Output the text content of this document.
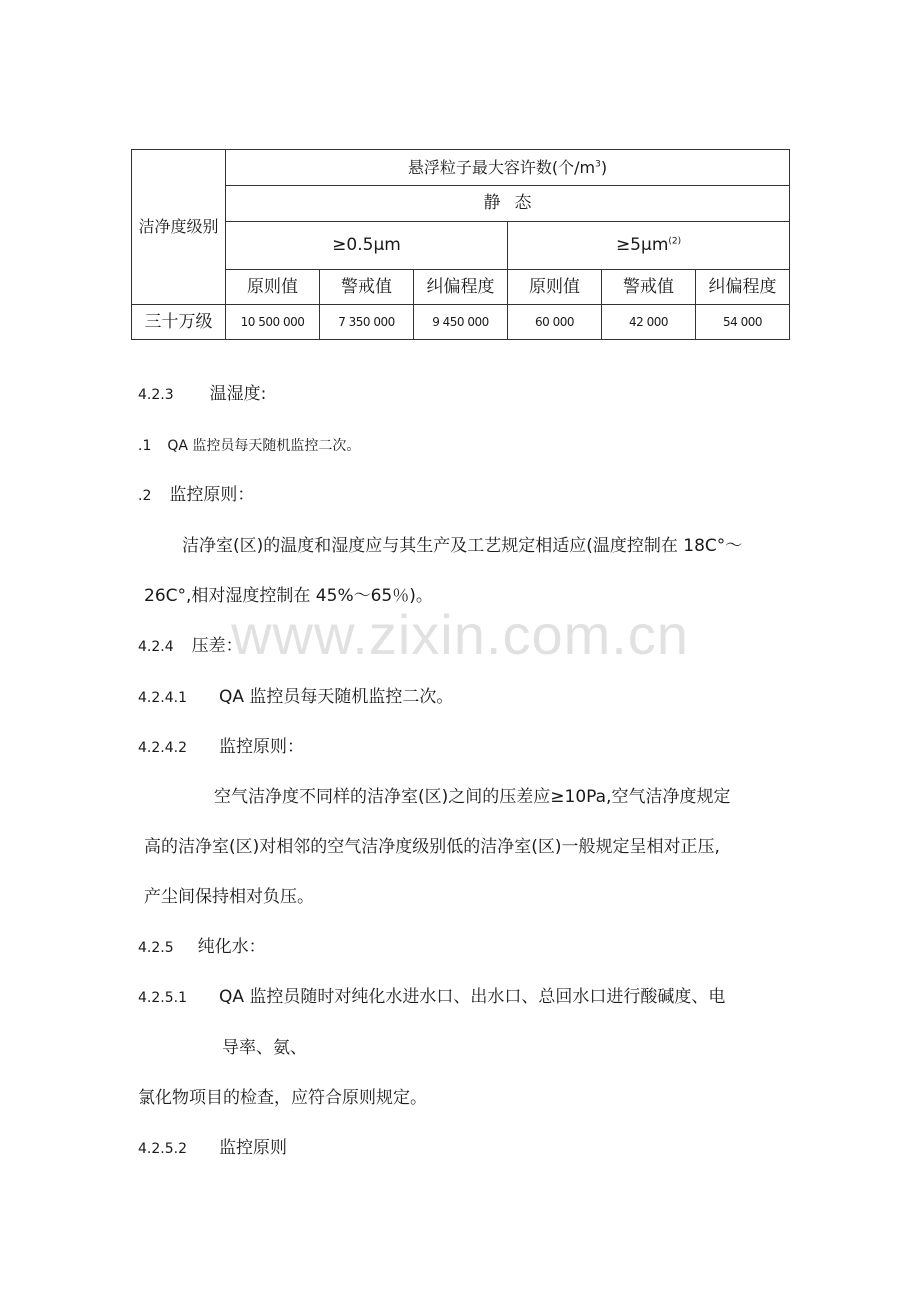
洁净度级别	悬浮粒子最大容许数(个$/m^3$)					
	静态					
	≥0.5μm			$\ge 5\mu m^{(2)}$
	原则值	警戒值	纠偏程度	原则值	警戒值	纠偏程度
三十万级	10 500 000	7 350 000	9 450 000	60 000	42 000	54 000
4.2.3 温湿度:
.1 QA 监控员每天随机监控二次。
.2 监控原则：
洁净室(区)的温度和湿度应与其生产及工艺规定相适应(温度控制在 18C°～
26C°,相对湿度控制在 45%～65％)。
4.2.4 压差：
4.2.4.1 QA 监控员每天随机监控二次。
4.2.4.2 监控原则：
空气洁净度不同样的洁净室(区)之间的压差应≥10Pa,空气洁净度规定
高的洁净室(区)对相邻的空气洁净度级别低的洁净室(区)一般规定呈相对正压,
产尘间保持相对负压。
4.2.5 纯化水：
4.2.5.1 QA 监控员随时对纯化水进水口、出水口、总回水口进行酸碱度、电
导率、氨、
氯化物项目的检查，应符合原则规定。
4.2.5.2 监控原则
www.zixin.com.cn
